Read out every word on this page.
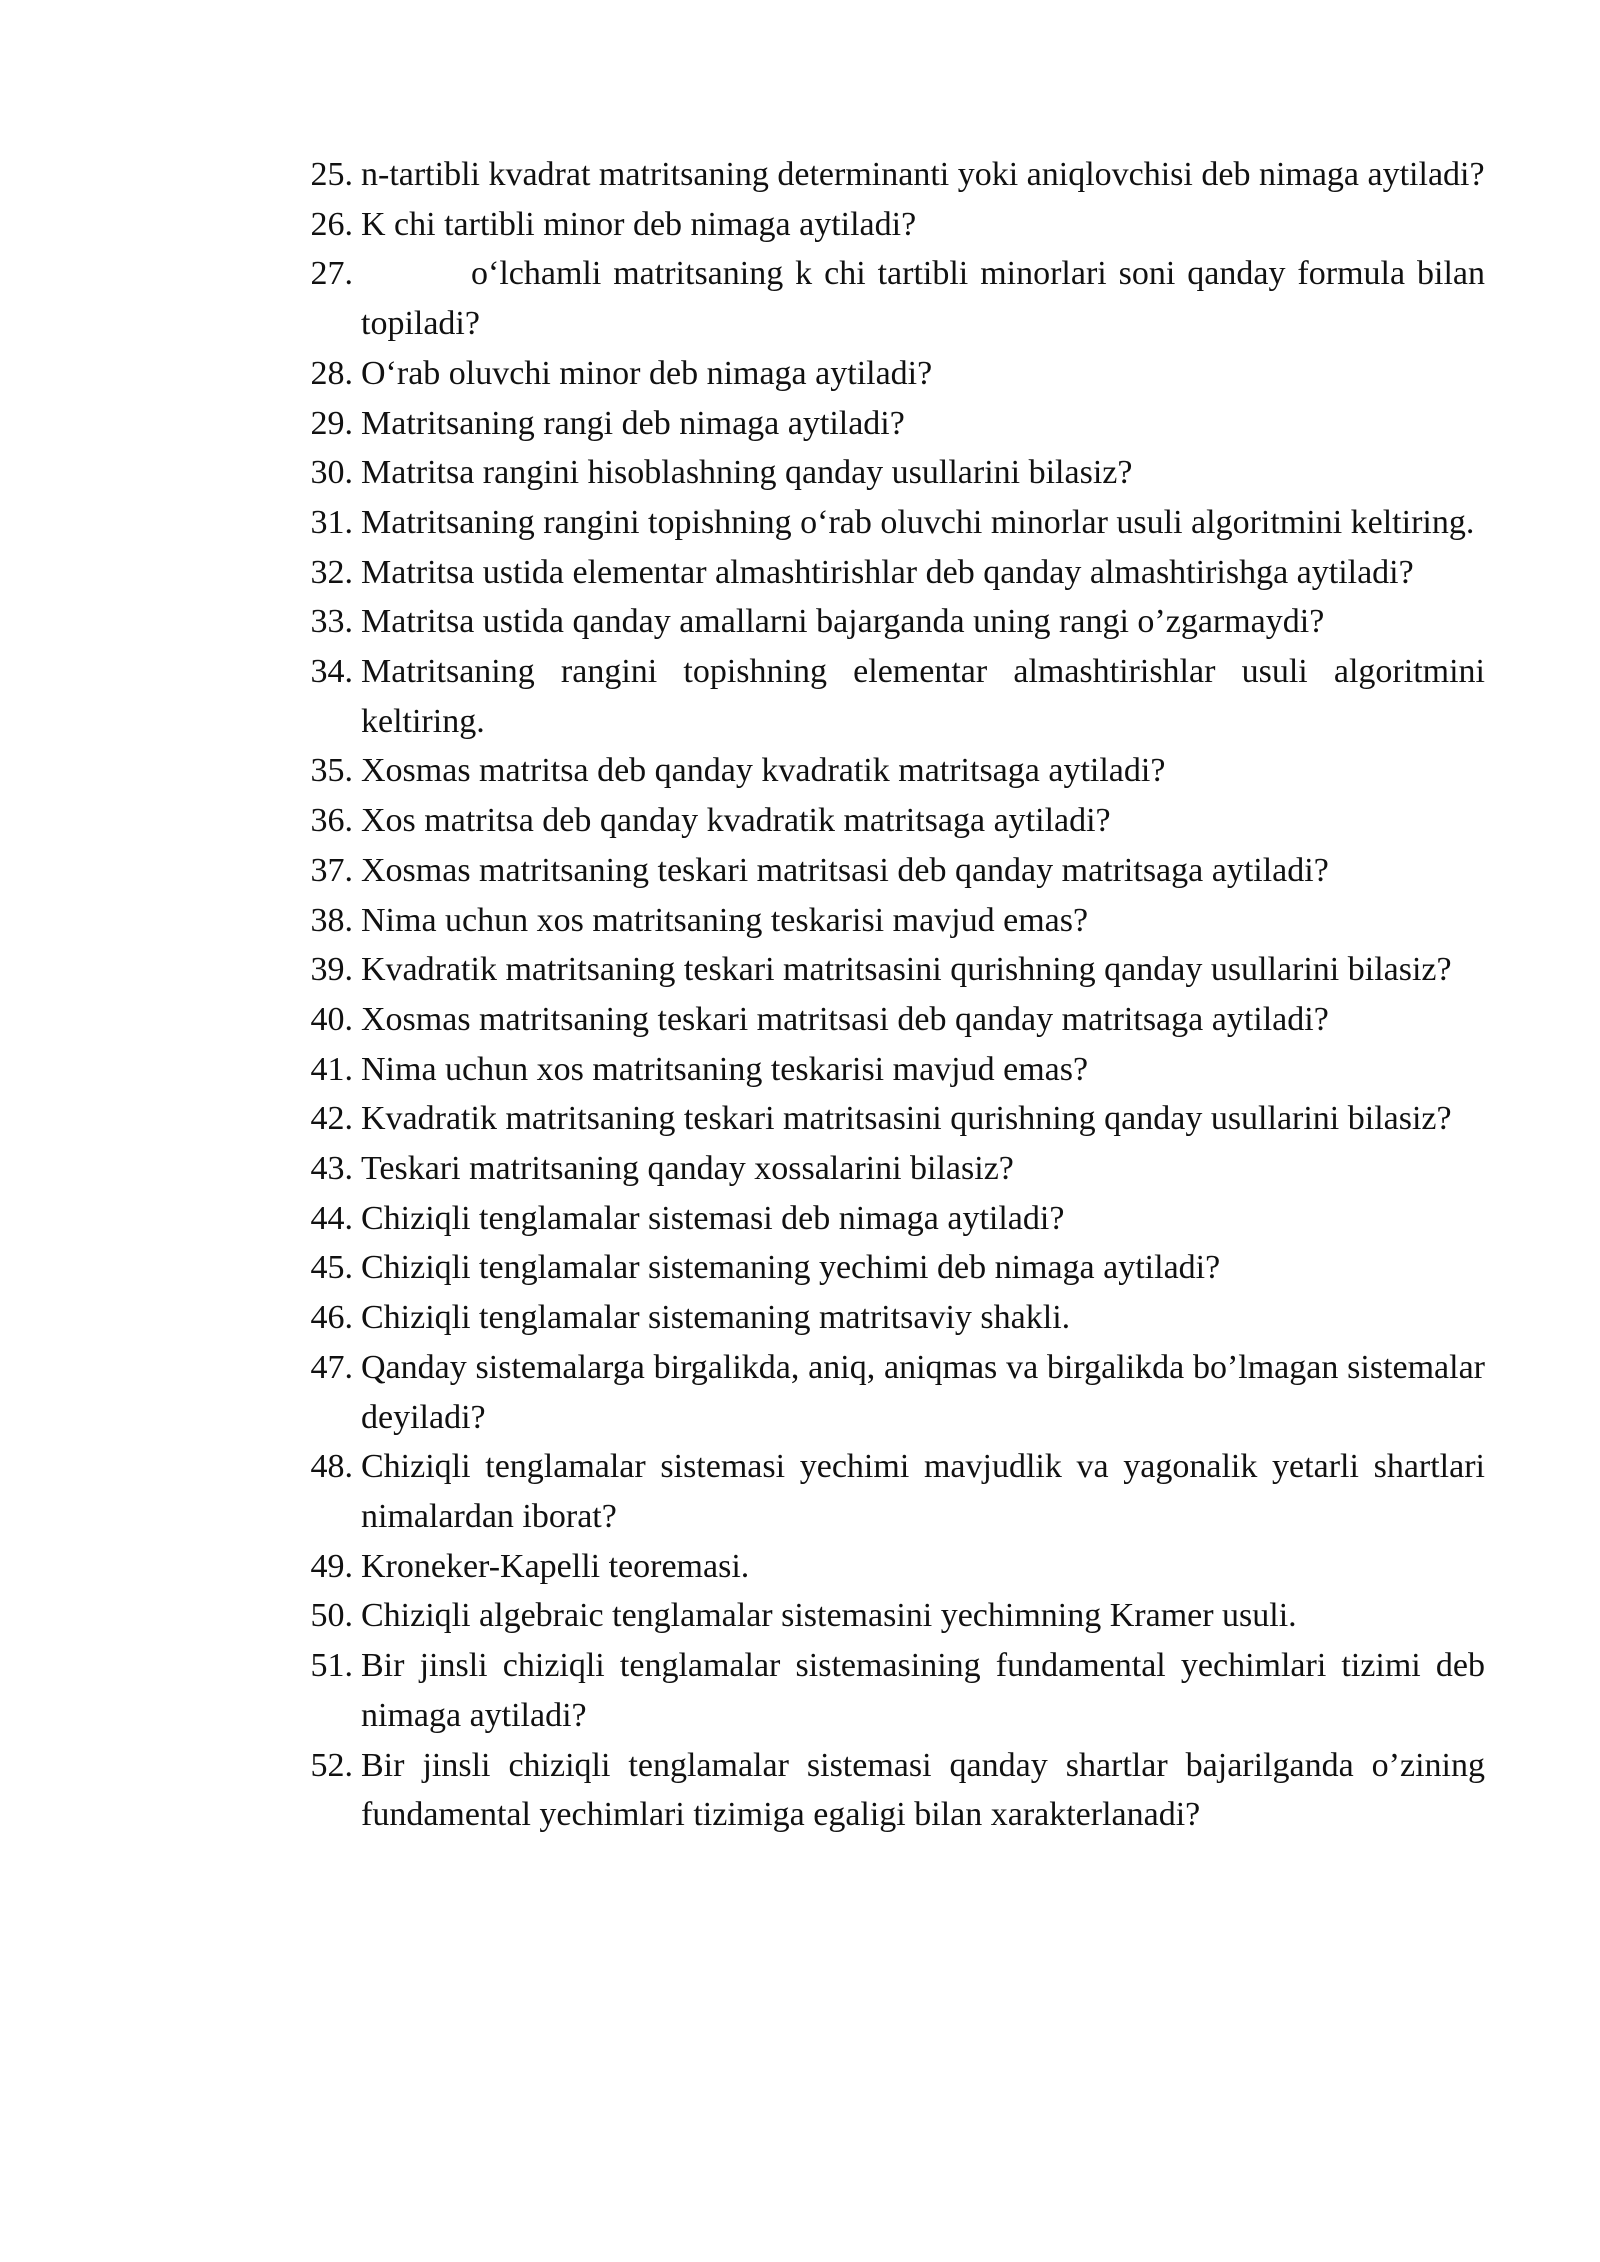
25. n-tartibli kvadrat matritsaning determinanti yoki aniqlovchisi deb nimaga aytiladi?
26. K chi tartibli minor deb nimaga aytiladi?
27.	o‘lchamli matritsaning k chi tartibli minorlari soni qanday formula bilan topiladi?
28. O‘rab oluvchi minor deb nimaga aytiladi?
29. Matritsaning rangi deb nimaga aytiladi?
30. Matritsa rangini hisoblashning qanday usullarini bilasiz?
31. Matritsaning rangini topishning o‘rab oluvchi minorlar usuli algoritmini keltiring.
32. Matritsa ustida elementar almashtirishlar deb qanday almashtirishga aytiladi?
33. Matritsa ustida qanday amallarni bajarganda uning rangi o’zgarmaydi?
34. Matritsaning rangini topishning elementar almashtirishlar usuli algoritmini keltiring.
35. Xosmas matritsa deb qanday kvadratik matritsaga aytiladi?
36. Xos matritsa deb qanday kvadratik matritsaga aytiladi?
37. Xosmas matritsaning teskari matritsasi deb qanday matritsaga aytiladi?
38. Nima uchun xos matritsaning teskarisi mavjud emas?
39. Kvadratik matritsaning teskari matritsasini qurishning qanday usullarini bilasiz?
40. Xosmas matritsaning teskari matritsasi deb qanday matritsaga aytiladi?
41. Nima uchun xos matritsaning teskarisi mavjud emas?
42. Kvadratik matritsaning teskari matritsasini qurishning qanday usullarini bilasiz?
43. Teskari matritsaning qanday xossalarini bilasiz?
44. Chiziqli tenglamalar sistemasi deb nimaga aytiladi?
45. Chiziqli tenglamalar sistemaning yechimi deb nimaga aytiladi?
46. Chiziqli tenglamalar sistemaning matritsaviy shakli.
47. Qanday sistemalarga birgalikda, aniq, aniqmas va birgalikda bo’lmagan sistemalar deyiladi?
48. Chiziqli tenglamalar sistemasi yechimi mavjudlik va yagonalik yetarli shartlari nimalardan iborat?
49. Kroneker-Kapelli teoremasi.
50. Chiziqli algebraic tenglamalar sistemasini yechimning Kramer usuli.
51. Bir jinsli chiziqli tenglamalar sistemasining fundamental yechimlari tizimi deb nimaga aytiladi?
52. Bir jinsli chiziqli tenglamalar sistemasi qanday shartlar bajarilganda o’zining fundamental yechimlari tizimiga egaligi bilan xarakterlanadi?
